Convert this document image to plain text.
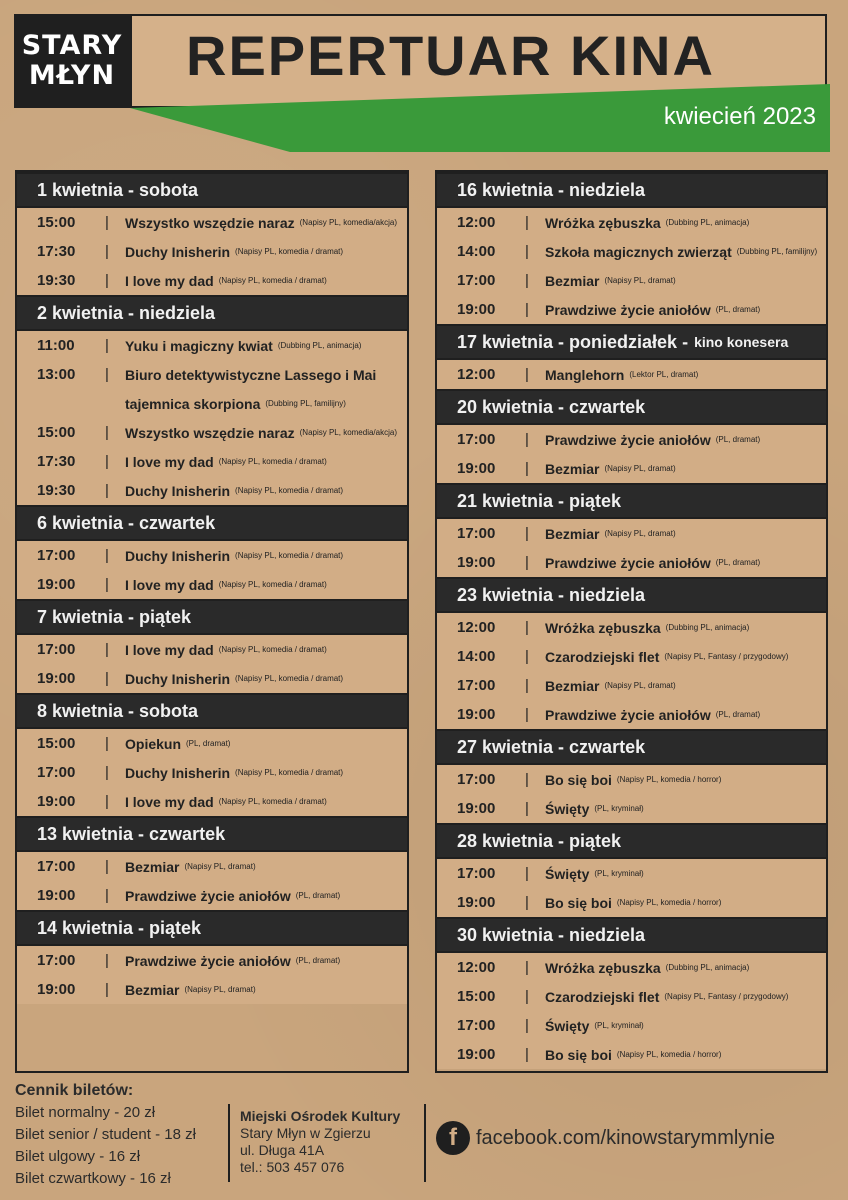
STARY
MŁYN REPERTUAR KINA
kwiecień 2023
1 kwietnia - sobota
15:00	|	Wszystko wszędzie naraz (Napisy PL, komedia/akcja)
17:30	|	Duchy Inisherin (Napisy PL, komedia / dramat)
19:30	|	I love my dad (Napisy PL, komedia / dramat)
2 kwietnia - niedziela
11:00	|	Yuku i magiczny kwiat (Dubbing PL, animacja)
13:00	|	Biuro detektywistyczne Lassego i Mai
tajemnica skorpiona (Dubbing PL, familijny)
15:00	|	Wszystko wszędzie naraz (Napisy PL, komedia/akcja)
17:30	|	I love my dad (Napisy PL, komedia / dramat)
19:30	|	Duchy Inisherin (Napisy PL, komedia / dramat)
6 kwietnia - czwartek
17:00	|	Duchy Inisherin (Napisy PL, komedia / dramat)
19:00	|	I love my dad (Napisy PL, komedia / dramat)
7 kwietnia - piątek
17:00	|	I love my dad (Napisy PL, komedia / dramat)
19:00	|	Duchy Inisherin (Napisy PL, komedia / dramat)
8 kwietnia - sobota
15:00	|	Opiekun (PL, dramat)
17:00	|	Duchy Inisherin (Napisy PL, komedia / dramat)
19:00	|	I love my dad (Napisy PL, komedia / dramat)
13 kwietnia - czwartek
17:00	|	Bezmiar (Napisy PL, dramat)
19:00	|	Prawdziwe życie aniołów (PL, dramat)
14 kwietnia - piątek
17:00	|	Prawdziwe życie aniołów (PL, dramat)
19:00	|	Bezmiar (Napisy PL, dramat)
16 kwietnia - niedziela
12:00	|	Wróżka zębuszka (Dubbing PL, animacja)
14:00	|	Szkoła magicznych zwierząt (Dubbing PL, familijny)
17:00	|	Bezmiar (Napisy PL, dramat)
19:00	|	Prawdziwe życie aniołów (PL, dramat)
17 kwietnia - poniedziałek - kino konesera
12:00	|	Manglehorn (Lektor PL, dramat)
20 kwietnia - czwartek
17:00	|	Prawdziwe życie aniołów (PL, dramat)
19:00	|	Bezmiar (Napisy PL, dramat)
21 kwietnia - piątek
17:00	|	Bezmiar (Napisy PL, dramat)
19:00	|	Prawdziwe życie aniołów (PL, dramat)
23 kwietnia - niedziela
12:00	|	Wróżka zębuszka (Dubbing PL, animacja)
14:00	|	Czarodziejski flet (Napisy PL, Fantasy / przygodowy)
17:00	|	Bezmiar (Napisy PL, dramat)
19:00	|	Prawdziwe życie aniołów (PL, dramat)
27 kwietnia - czwartek
17:00	|	Bo się boi (Napisy PL, komedia / horror)
19:00	|	Święty (PL, kryminał)
28 kwietnia - piątek
17:00	|	Święty (PL, kryminał)
19:00	|	Bo się boi (Napisy PL, komedia / horror)
30 kwietnia - niedziela
12:00	|	Wróżka zębuszka (Dubbing PL, animacja)
15:00	|	Czarodziejski flet (Napisy PL, Fantasy / przygodowy)
17:00	|	Święty (PL, kryminał)
19:00	|	Bo się boi (Napisy PL, komedia / horror)
Cennik biletów:
Bilet normalny - 20 zł
Bilet senior / student - 18 zł
Bilet ulgowy - 16 zł
Bilet czwartkowy - 16 zł
Miejski Ośrodek Kultury
Stary Młyn w Zgierzu
ul. Długa 41A
tel.: 503 457 076
f facebook.com/kinowstarymmlynie
